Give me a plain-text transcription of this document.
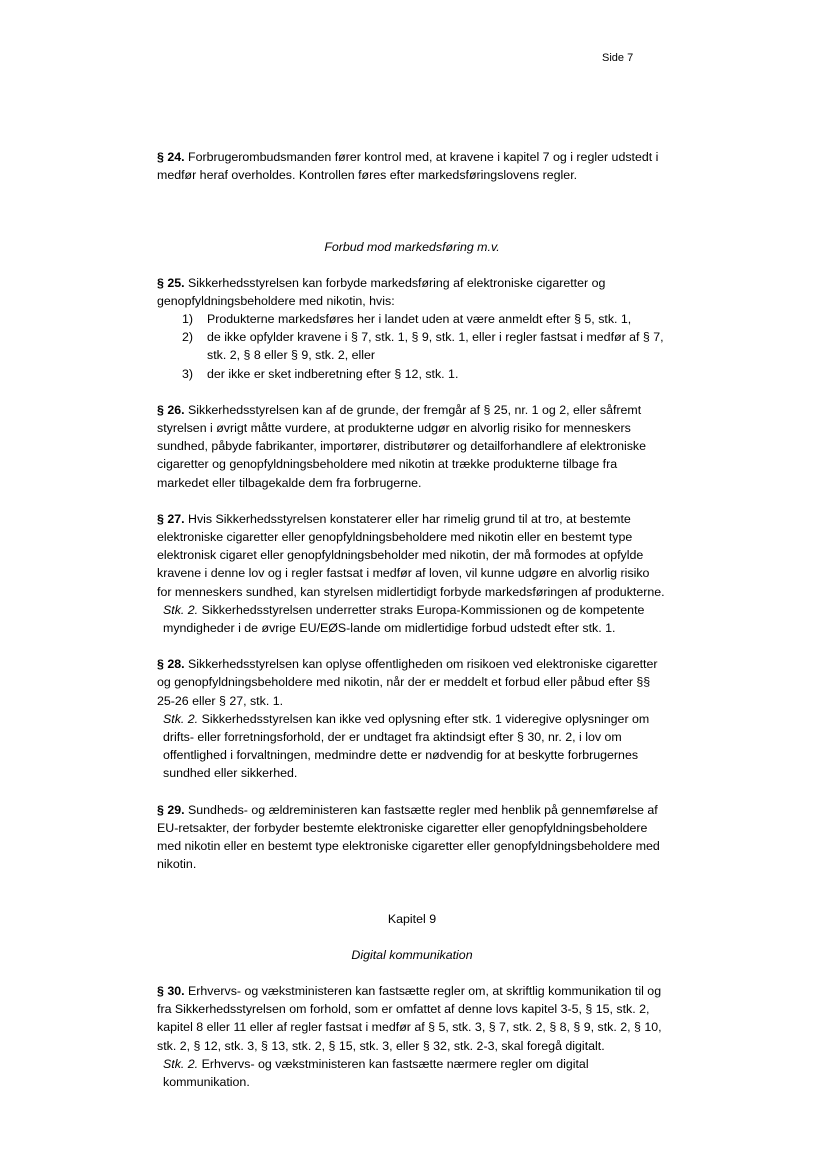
Side 7

§ 24. Forbrugerombudsmanden fører kontrol med, at kravene i kapitel 7 og i regler udstedt i medfør heraf overholdes. Kontrollen føres efter markedsføringslovens regler.

Forbud mod markedsføring m.v.

§ 25. Sikkerhedsstyrelsen kan forbyde markedsføring af elektroniske cigaretter og genopfyldningsbeholdere med nikotin, hvis:

1)	Produkterne markedsføres her i landet uden at være anmeldt efter § 5, stk. 1,
2)	de ikke opfylder kravene i § 7, stk. 1, § 9, stk. 1, eller i regler fastsat i medfør af § 7, stk. 2, § 8 eller § 9, stk. 2, eller
3)	der ikke er sket indberetning efter § 12, stk. 1.

§ 26. Sikkerhedsstyrelsen kan af de grunde, der fremgår af § 25, nr. 1 og 2, eller såfremt styrelsen i øvrigt måtte vurdere, at produkterne udgør en alvorlig risiko for menneskers sundhed, påbyde fabrikanter, importører, distributører og detailforhandlere af elektroniske cigaretter og genopfyldningsbeholdere med nikotin at trække produkterne tilbage fra markedet eller tilbagekalde dem fra forbrugerne.

§ 27. Hvis Sikkerhedsstyrelsen konstaterer eller har rimelig grund til at tro, at bestemte elektroniske cigaretter eller genopfyldningsbeholdere med nikotin eller en bestemt type elektronisk cigaret eller genopfyldningsbeholder med nikotin, der må formodes at opfylde kravene i denne lov og i regler fastsat i medfør af loven, vil kunne udgøre en alvorlig risiko for menneskers sundhed, kan styrelsen midlertidigt forbyde markedsføringen af produkterne.

Stk. 2. Sikkerhedsstyrelsen underretter straks Europa-Kommissionen og de kompetente myndigheder i de øvrige EU/EØS-lande om midlertidige forbud udstedt efter stk. 1.

§ 28. Sikkerhedsstyrelsen kan oplyse offentligheden om risikoen ved elektroniske cigaretter og genopfyldningsbeholdere med nikotin, når der er meddelt et forbud eller påbud efter §§ 25-26 eller § 27, stk. 1.

Stk. 2. Sikkerhedsstyrelsen kan ikke ved oplysning efter stk. 1 videregive oplysninger om drifts- eller forretningsforhold, der er undtaget fra aktindsigt efter § 30, nr. 2, i lov om offentlighed i forvaltningen, medmindre dette er nødvendig for at beskytte forbrugernes sundhed eller sikkerhed.

§ 29. Sundheds- og ældreministeren kan fastsætte regler med henblik på gennemførelse af EU-retsakter, der forbyder bestemte elektroniske cigaretter eller genopfyldningsbeholdere med nikotin eller en bestemt type elektroniske cigaretter eller genopfyldningsbeholdere med nikotin.

Kapitel 9

Digital kommunikation

§ 30. Erhvervs- og vækstministeren kan fastsætte regler om, at skriftlig kommunikation til og fra Sikkerhedsstyrelsen om forhold, som er omfattet af denne lovs kapitel 3-5, § 15, stk. 2, kapitel 8 eller 11 eller af regler fastsat i medfør af § 5, stk. 3, § 7, stk. 2, § 8, § 9, stk. 2, § 10, stk. 2, § 12, stk. 3, § 13, stk. 2, § 15, stk. 3, eller § 32, stk. 2-3, skal foregå digitalt.

Stk. 2. Erhvervs- og vækstministeren kan fastsætte nærmere regler om digital kommunikation.
